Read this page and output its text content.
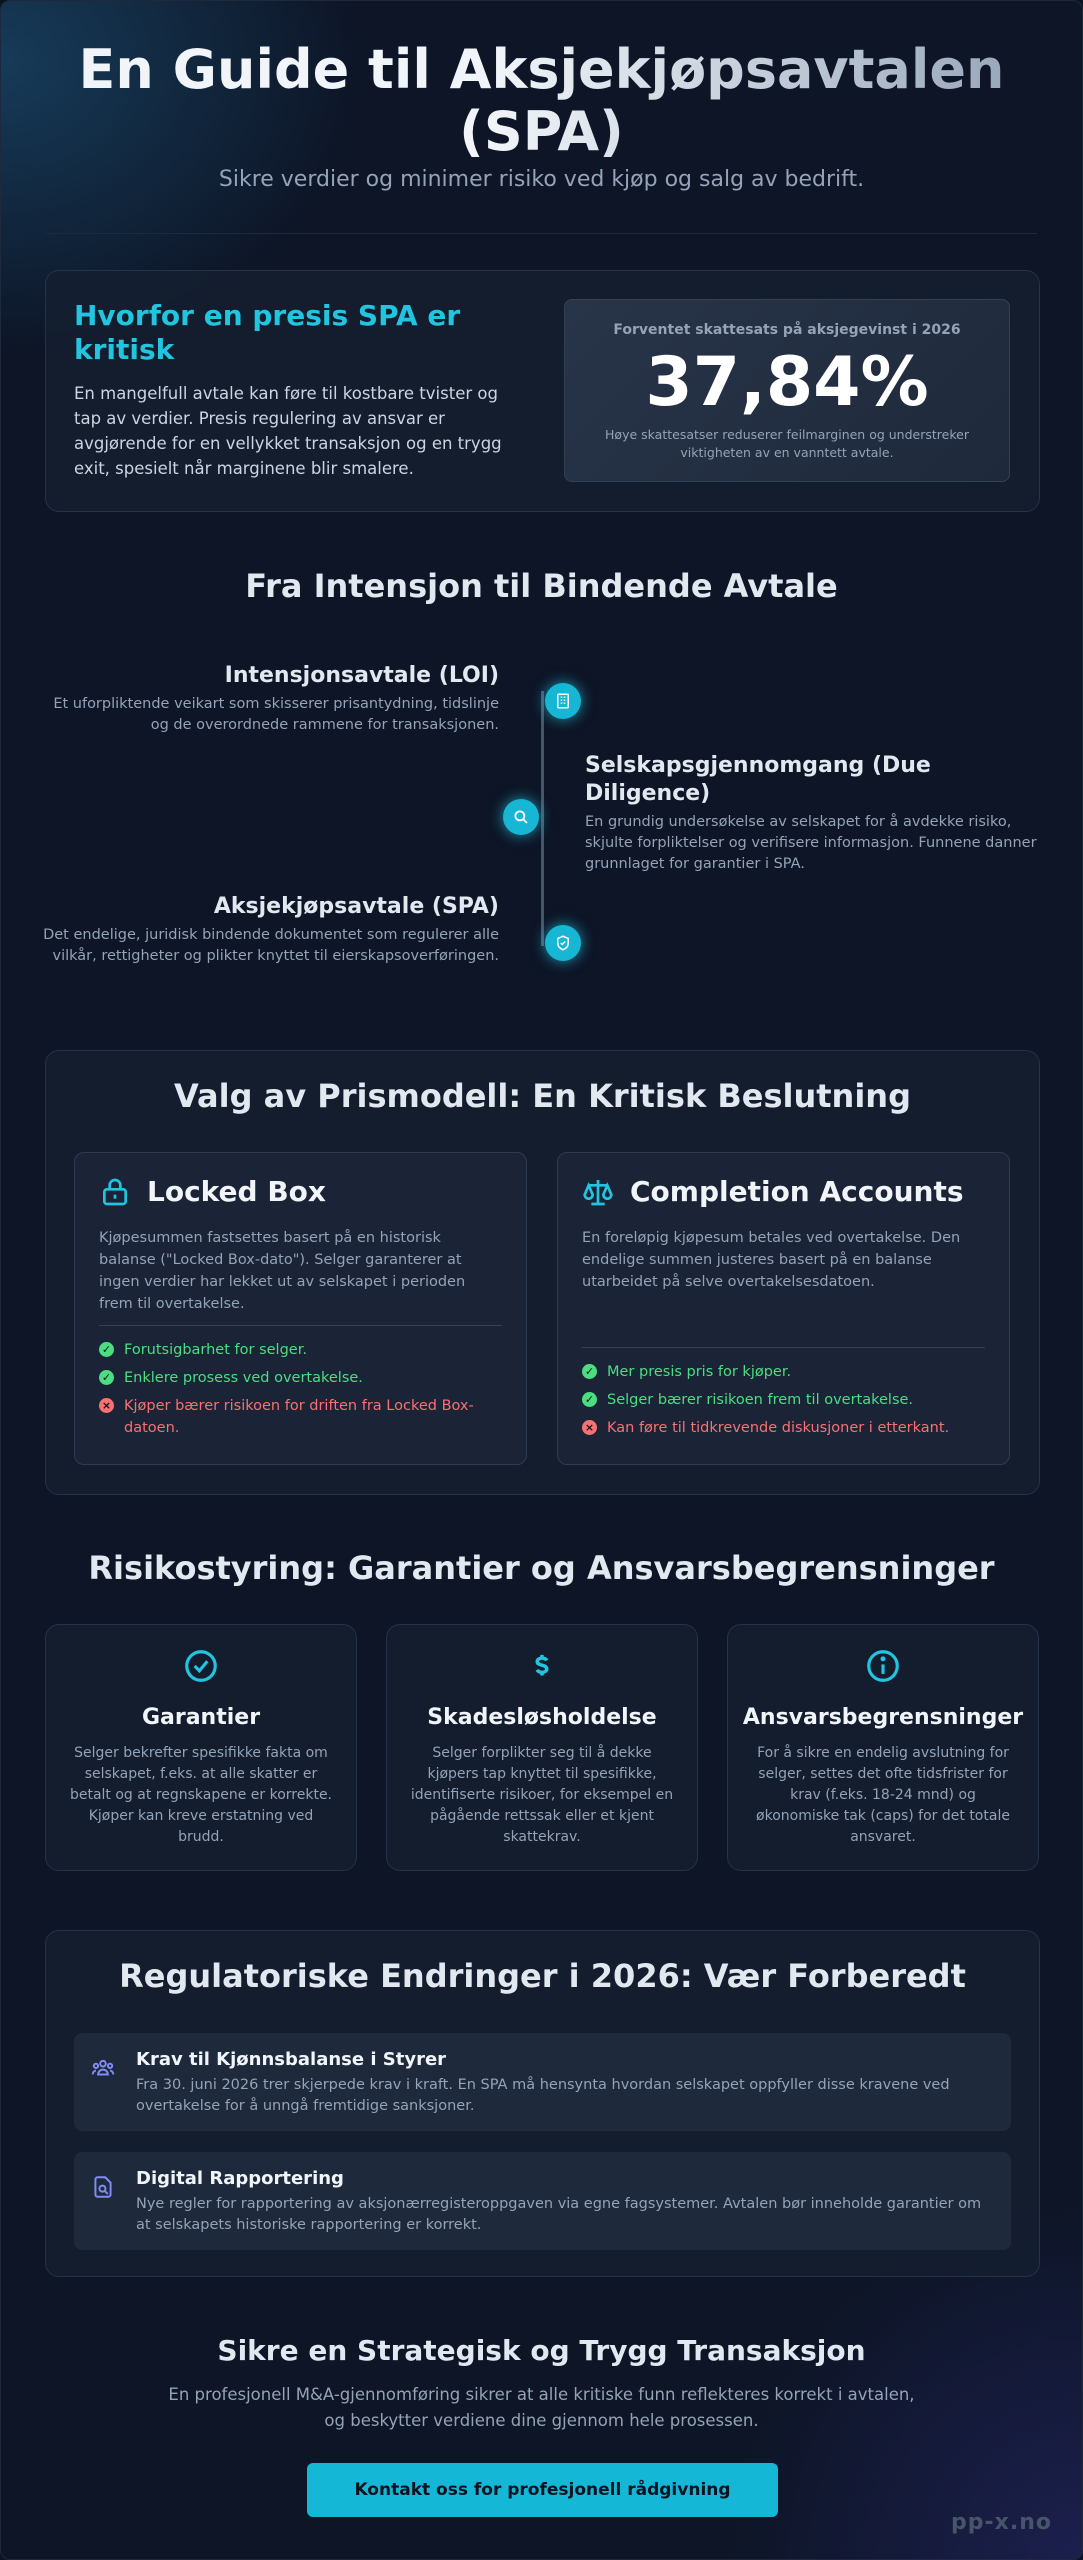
En Guide til Aksjekjøpsavtalen (SPA)
Sikre verdier og minimer risiko ved kjøp og salg av bedrift.
Hvorfor en presis SPA er kritisk

En mangelfull avtale kan føre til kostbare tvister og tap av verdier. Presis regulering av ansvar er avgjørende for en vellykket transaksjon og en trygg exit, spesielt når marginene blir smalere.

Forventet skattesats på aksjegevinst i 2026
37,84%
Høye skattesatser reduserer feilmarginen og understreker viktigheten av en vanntett avtale.
Fra Intensjon til Bindende Avtale
Intensjonsavtale (LOI)

Et uforpliktende veikart som skisserer prisantydning, tidslinje og de overordnede rammene for transaksjonen.

Selskapsgjennomgang (Due Diligence)

En grundig undersøkelse av selskapet for å avdekke risiko, skjulte forpliktelser og verifisere informasjon. Funnene danner grunnlaget for garantier i SPA.

Aksjekjøpsavtale (SPA)

Det endelige, juridisk bindende dokumentet som regulerer alle vilkår, rettigheter og plikter knyttet til eierskapsoverføringen.

Valg av Prismodell: En Kritisk Beslutning
Locked Box
Kjøpesummen fastsettes basert på en historisk balanse ("Locked Box-dato"). Selger garanterer at ingen verdier har lekket ut av selskapet i perioden frem til overtakelse.
✓ Forutsigbarhet for selger.
✓ Enklere prosess ved overtakelse.
× Kjøper bærer risikoen for driften fra Locked Box-datoen.
Completion Accounts
En foreløpig kjøpesum betales ved overtakelse. Den endelige summen justeres basert på en balanse utarbeidet på selve overtakelsesdatoen.
✓ Mer presis pris for kjøper.
✓ Selger bærer risikoen frem til overtakelse.
× Kan føre til tidkrevende diskusjoner i etterkant.
Risikostyring: Garantier og Ansvarsbegrensninger
Garantier

Selger bekrefter spesifikke fakta om selskapet, f.eks. at alle skatter er betalt og at regnskapene er korrekte. Kjøper kan kreve erstatning ved brudd.

Skadesløsholdelse

Selger forplikter seg til å dekke kjøpers tap knyttet til spesifikke, identifiserte risikoer, for eksempel en pågående rettssak eller et kjent skattekrav.

Ansvarsbegrensninger

For å sikre en endelig avslutning for selger, settes det ofte tidsfrister for krav (f.eks. 18-24 mnd) og økonomiske tak (caps) for det totale ansvaret.

Regulatoriske Endringer i 2026: Vær Forberedt
Krav til Kjønnsbalanse i Styrer

Fra 30. juni 2026 trer skjerpede krav i kraft. En SPA må hensynta hvordan selskapet oppfyller disse kravene ved overtakelse for å unngå fremtidige sanksjoner.

Digital Rapportering

Nye regler for rapportering av aksjonærregisteroppgaven via egne fagsystemer. Avtalen bør inneholde garantier om at selskapets historiske rapportering er korrekt.

Sikre en Strategisk og Trygg Transaksjon
En profesjonell M&A-gjennomføring sikrer at alle kritiske funn reflekteres korrekt i avtalen, og beskytter verdiene dine gjennom hele prosessen.
Kontakt oss for profesjonell rådgivning
pp-x.no
